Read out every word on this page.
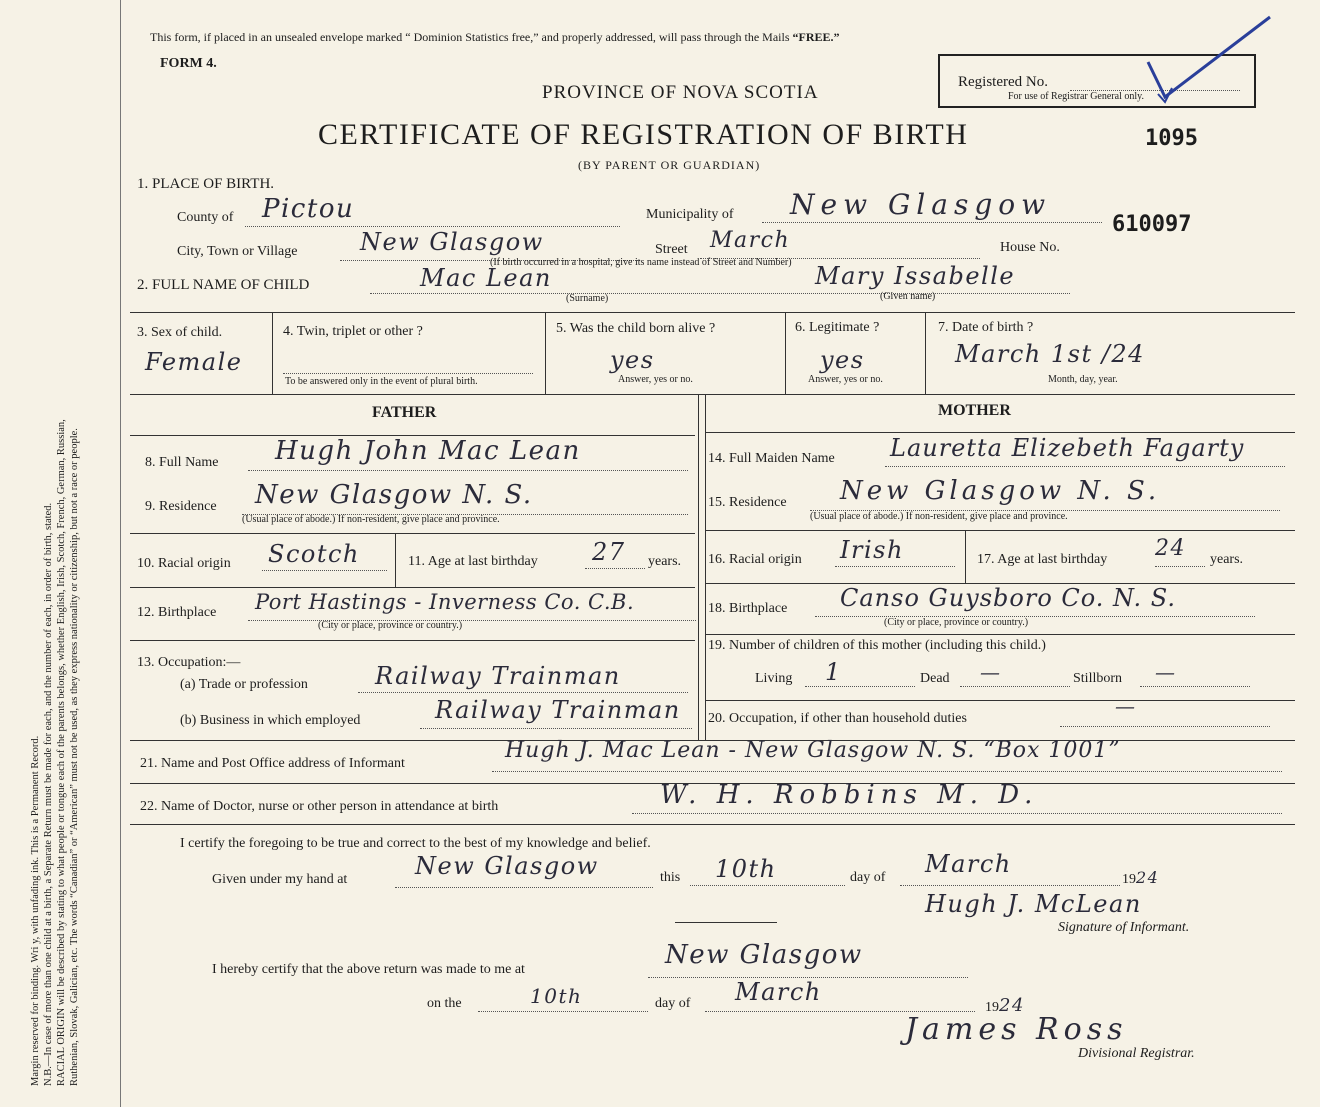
Margin reserved for binding. Wri y, with unfading ink. This is a Permanent Record. N.B.—In case of more than one child at a birth, a Separate Return must be made for each, and the number of each, in order of birth, stated. RACIAL ORIGIN will be described by stating to what people or tongue each of the parents belongs, whether English, Irish, Scotch, French, German, Russian, Ruthenian, Slovak, Galician, etc. The words “Canadian” or “American” must not be used, as they express nationality or citizenship, but not a race or people.
This form, if placed in an unsealed envelope marked “ Dominion Statistics free,” and properly addressed, will pass through the Mails “FREE.”
FORM 4.
PROVINCE OF NOVA SCOTIA
CERTIFICATE OF REGISTRATION OF BIRTH
(BY PARENT OR GUARDIAN)
Registered No.
For use of Registrar General only.
1095
610097
1. PLACE OF BIRTH.
County of Pictou	Municipality of New Glasgow
City, Town or Village	New Glasgow	Street March	House No.
(If birth occurred in a hospital, give its name instead of Street and Number)
2. FULL NAME OF CHILD	Mac Lean	Mary Issabelle
(Surname)	(Given name)
3. Sex of child.
Female
4. Twin, triplet or other ?
To be answered only in the event of plural birth.
5. Was the child born alive ?
yes
Answer, yes or no.
6. Legitimate ?
yes
Answer, yes or no.
7. Date of birth ?
March 1st /24
Month, day, year.
FATHER	MOTHER
8. Full Name Hugh John Mac Lean
9. Residence New Glasgow N. S.
(Usual place of abode.) If non-resident, give place and province.
10. Racial origin Scotch	11. Age at last birthday 27 years.
12. Birthplace Port Hastings - Inverness Co. C.B.
(City or place, province or country.)
13. Occupation:—
(a) Trade or profession	Railway Trainman
(b) Business in which employed	Railway Trainman
14. Full Maiden Name Lauretta Elizebeth Fagarty
15. Residence New Glasgow N. S.
(Usual place of abode.) If non-resident, give place and province.
16. Racial origin Irish	17. Age at last birthday 24 years.
18. Birthplace Canso Guysboro Co. N. S.
(City or place, province or country.)
19. Number of children of this mother (including this child.)
Living 1	Dead —	Stillborn —
20. Occupation, if other than household duties
—
21. Name and Post Office address of Informant
Hugh J. Mac Lean - New Glasgow N. S. “Box 1001”
22. Name of Doctor, nurse or other person in attendance at birth	W. H. Robbins M. D.
I certify the foregoing to be true and correct to the best of my knowledge and belief.
Given under my hand at	New Glasgow	this 10th	day of March
1924
Hugh J. McLean
Signature of Informant.
I hereby certify that the above return was made to me at	New Glasgow
on the	10th	day of March
1924
James Ross
Divisional Registrar.
